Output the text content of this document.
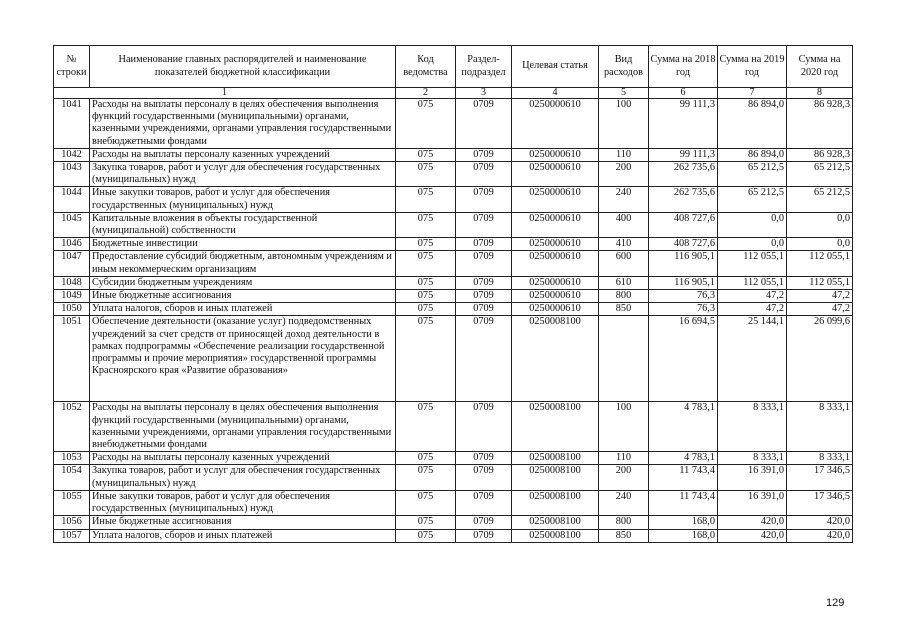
№ строки	Наименование главных распорядителей и наименование показателей бюджетной классификации	Код ведомства	Раздел-подраздел	Целевая статья	Вид расходов	Сумма на 2018 год	Сумма на 2019 год	Сумма на 2020 год
1		2	3	4	5	6	7	8
1041	Расходы на выплаты персоналу в целях обеспечения выполнения функций государственными (муниципальными) органами, казенными учреждениями, органами управления государственными внебюджетными фондами	075	0709	0250000610	100	99 111,3	86 894,0	86 928,3
1042	Расходы на выплаты персоналу казенных учреждений	075	0709	0250000610	110	99 111,3	86 894,0	86 928,3
1043	Закупка товаров, работ и услуг для обеспечения государственных (муниципальных) нужд	075	0709	0250000610	200	262 735,6	65 212,5	65 212,5
1044	Иные закупки товаров, работ и услуг для обеспечения государственных (муниципальных) нужд	075	0709	0250000610	240	262 735,6	65 212,5	65 212,5
1045	Капитальные вложения в объекты государственной (муниципальной) собственности	075	0709	0250000610	400	408 727,6	0,0	0,0
1046	Бюджетные инвестиции	075	0709	0250000610	410	408 727,6	0,0	0,0
1047	Предоставление субсидий бюджетным, автономным учреждениям и иным некоммерческим организациям	075	0709	0250000610	600	116 905,1	112 055,1	112 055,1
1048	Субсидии бюджетным учреждениям	075	0709	0250000610	610	116 905,1	112 055,1	112 055,1
1049	Иные бюджетные ассигнования	075	0709	0250000610	800	76,3	47,2	47,2
1050	Уплата налогов, сборов и иных платежей	075	0709	0250000610	850	76,3	47,2	47,2
1051	Обеспечение деятельности (оказание услуг) подведомственных учреждений за счет средств от приносящей доход деятельности в рамках подпрограммы «Обеспечение реализации государственной программы и прочие мероприятия» государственной программы Красноярского края «Развитие образования»	075	0709	0250008100		16 694,5	25 144,1	26 099,6
1052	Расходы на выплаты персоналу в целях обеспечения выполнения функций государственными (муниципальными) органами, казенными учреждениями, органами управления государственными внебюджетными фондами	075	0709	0250008100	100	4 783,1	8 333,1	8 333,1
1053	Расходы на выплаты персоналу казенных учреждений	075	0709	0250008100	110	4 783,1	8 333,1	8 333,1
1054	Закупка товаров, работ и услуг для обеспечения государственных (муниципальных) нужд	075	0709	0250008100	200	11 743,4	16 391,0	17 346,5
1055	Иные закупки товаров, работ и услуг для обеспечения государственных (муниципальных) нужд	075	0709	0250008100	240	11 743,4	16 391,0	17 346,5
1056	Иные бюджетные ассигнования	075	0709	0250008100	800	168,0	420,0	420,0
1057	Уплата налогов, сборов и иных платежей	075	0709	0250008100	850	168,0	420,0	420,0
129
